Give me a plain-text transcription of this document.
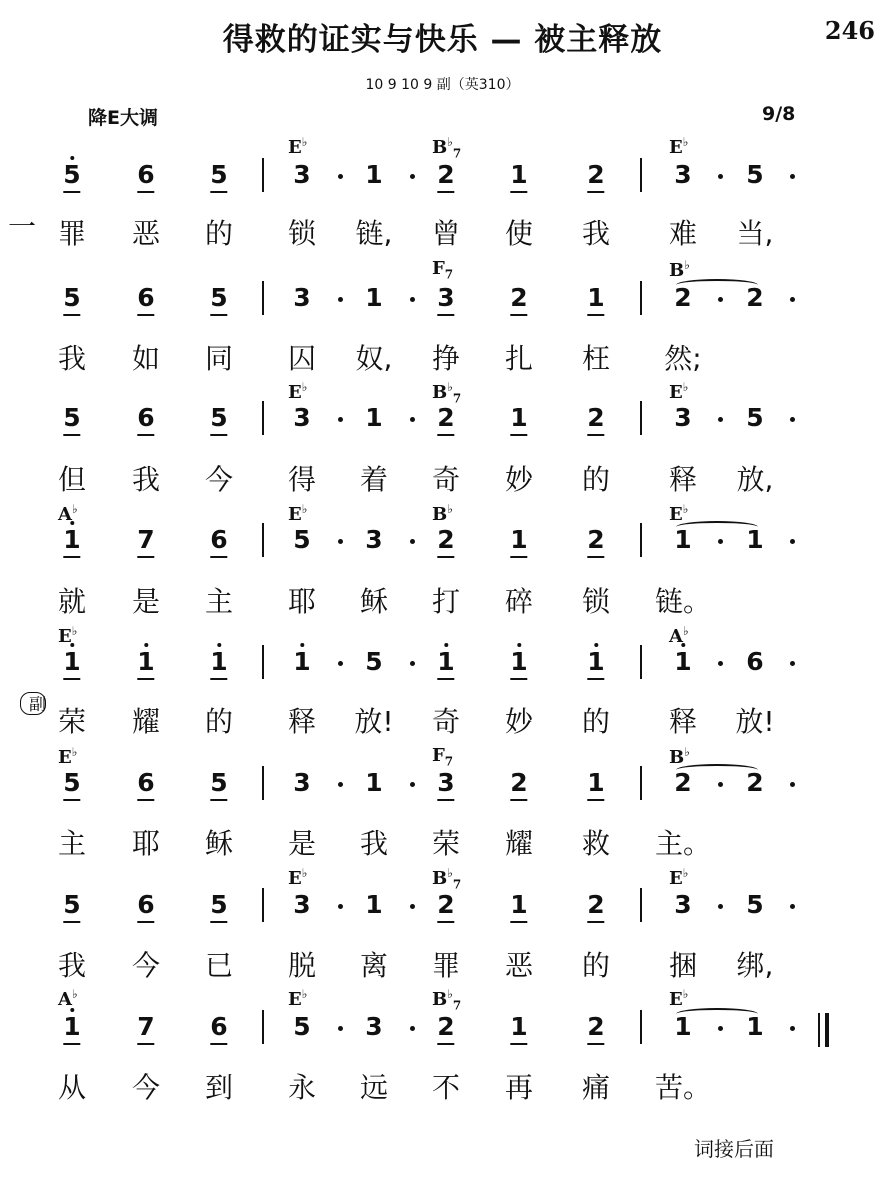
得救的证实与快乐 — 被主释放	246
10 9 10 9 副（英310）
降E大调	9/8
一
副
词接后面
5 6 5	3
E♭
1 2
$B^♭_7$
1 2	3
E♭
5
罪 恶 的 锁 链, 曾 使 我 难 当,
5 6 5	3 1 3
$F_7$
2 1	2
B♭
2
我 如 同 囚 奴, 挣 扎 枉 然;
5 6 5	3
E♭
1 2
$B^♭_7$
1 2	3
E♭
5
但 我 今 得 着 奇 妙 的 释 放,
1
A♭
7 6	5
E♭
3 2
B♭
1 2	1
E♭
1
就 是 主 耶 稣 打 碎 锁 链。
1
E♭
1 1	1 5 1 1 1	1
A♭
6
荣 耀 的 释 放! 奇 妙 的 释 放!
5
E♭
6 5	3 1 3
$F_7$
2 1	2
B♭
2
主 耶 稣 是 我 荣 耀 救 主。
5 6 5	3
E♭
1 2
$B^♭_7$
1 2	3
E♭
5
我 今 已 脱 离 罪 恶 的 捆 绑,
1
A♭
7 6	5
E♭
3 2
$B^♭_7$
1 2	1
E♭
1
从 今 到 永 远 不 再 痛 苦。
